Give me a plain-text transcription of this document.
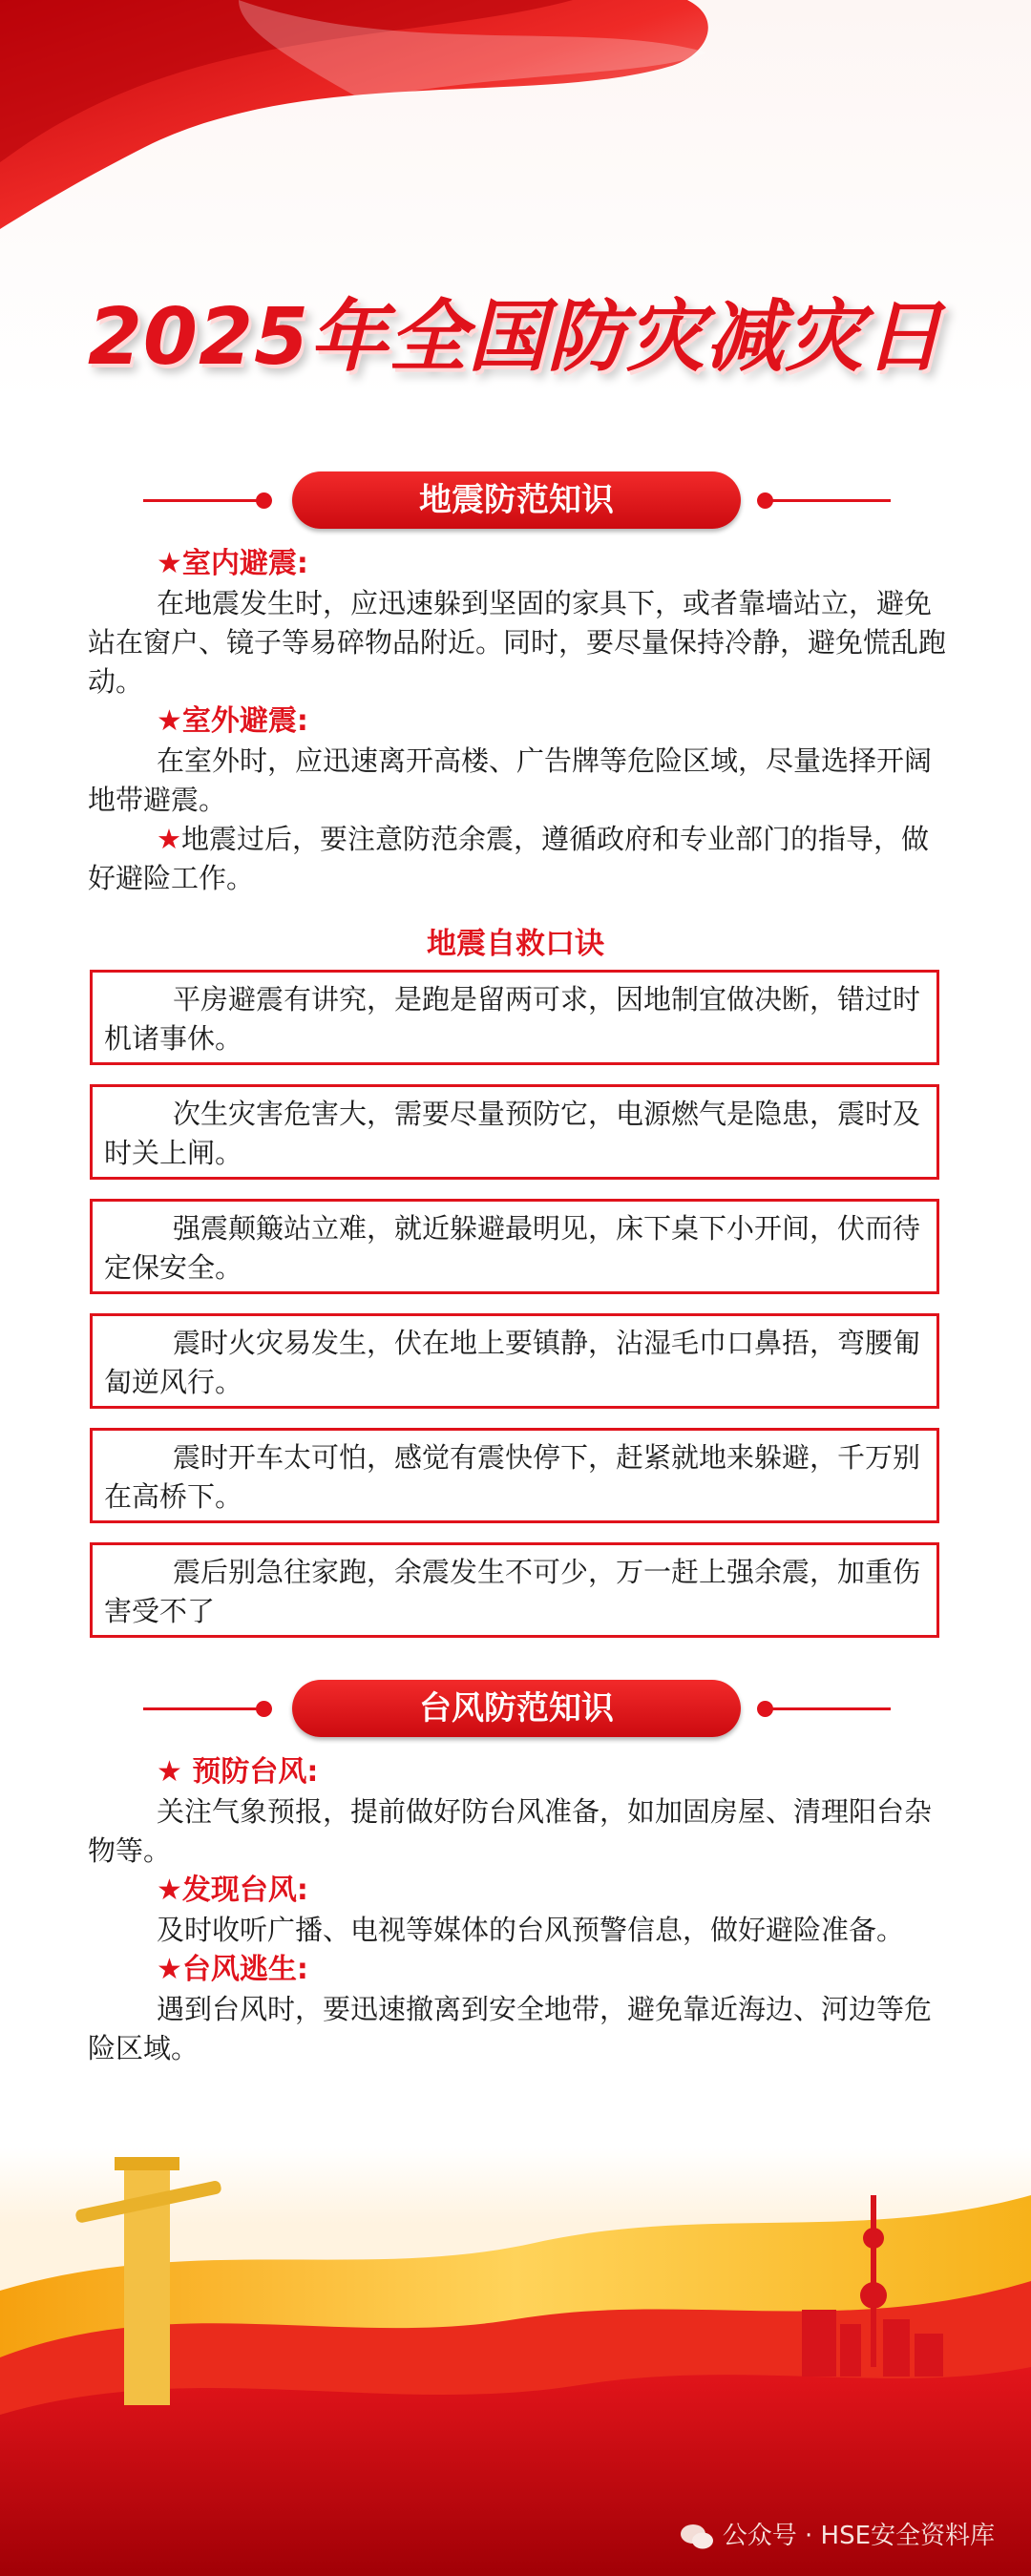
2025年全国防灾减灾日
地震防范知识
★室内避震:

在地震发生时，应迅速躲到坚固的家具下，或者靠墙站立，避免站在窗户、镜子等易碎物品附近。同时，要尽量保持冷静，避免慌乱跑动。

★室外避震:

在室外时，应迅速离开高楼、广告牌等危险区域，尽量选择开阔地带避震。

★地震过后，要注意防范余震，遵循政府和专业部门的指导，做好避险工作。

地震自救口诀
平房避震有讲究，是跑是留两可求，因地制宜做决断，错过时机诸事休。
次生灾害危害大，需要尽量预防它，电源燃气是隐患，震时及时关上闸。
强震颠簸站立难，就近躲避最明见，床下桌下小开间，伏而待定保安全。
震时火灾易发生，伏在地上要镇静，沾湿毛巾口鼻捂，弯腰匍匐逆风行。
震时开车太可怕，感觉有震快停下，赶紧就地来躲避，千万别在高桥下。
震后别急往家跑，余震发生不可少，万一赶上强余震，加重伤害受不了
台风防范知识
★ 预防台风:

关注气象预报，提前做好防台风准备，如加固房屋、清理阳台杂物等。

★发现台风:

及时收听广播、电视等媒体的台风预警信息，做好避险准备。

★台风逃生:

遇到台风时，要迅速撤离到安全地带，避免靠近海边、河边等危险区域。

公众号 · HSE安全资料库
